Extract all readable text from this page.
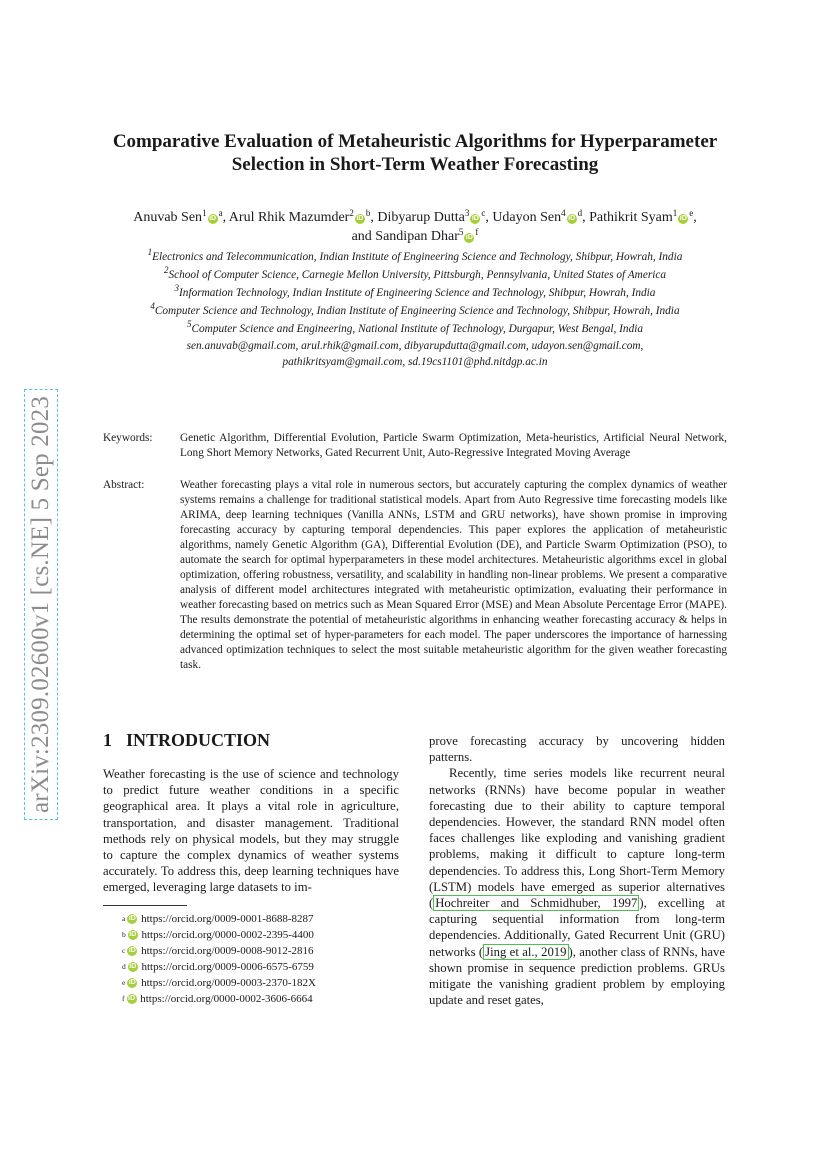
arXiv:2309.02600v1 [cs.NE] 5 Sep 2023
Comparative Evaluation of Metaheuristic Algorithms for Hyperparameter Selection in Short-Term Weather Forecasting
Anuvab $Sen^1iD^a$, Arul Rhik $Mazumder^2iD^b$, Dibyarup $Dutta^3iD^c$, Udayon $Sen^4iD^d$, Pathikrit $Syam^1iD^e$,
and Sandipan $Dhar^5iD^f$
$^1$Electronics and Telecommunication, Indian Institute of Engineering Science and Technology, Shibpur, Howrah, India
$^2$School of Computer Science, Carnegie Mellon University, Pittsburgh, Pennsylvania, United States of America
$^3$Information Technology, Indian Institute of Engineering Science and Technology, Shibpur, Howrah, India
$^4$Computer Science and Technology, Indian Institute of Engineering Science and Technology, Shibpur, Howrah, India
$^5$Computer Science and Engineering, National Institute of Technology, Durgapur, West Bengal, India
sen.anuvab@gmail.com, arul.rhik@gmail.com, dibyarupdutta@gmail.com, udayon.sen@gmail.com,
pathikritsyam@gmail.com, sd.19cs1101@phd.nitdgp.ac.in
Keywords: Genetic Algorithm, Differential Evolution, Particle Swarm Optimization, Meta-heuristics, Artificial Neural Network, Long Short Memory Networks, Gated Recurrent Unit, Auto-Regressive Integrated Moving Average
Abstract:	Weather forecasting plays a vital role in numerous sectors, but accurately capturing the complex dynamics of weather systems remains a challenge for traditional statistical models. Apart from Auto Regressive time forecasting models like ARIMA, deep learning techniques (Vanilla ANNs, LSTM and GRU networks), have shown promise in improving forecasting accuracy by capturing temporal dependencies. This paper explores the application of metaheuristic algorithms, namely Genetic Algorithm (GA), Differential Evolution (DE), and Particle Swarm Optimization (PSO), to automate the search for optimal hyperparameters in these model architectures. Metaheuristic algorithms excel in global optimization, offering robustness, versatility, and scalability in handling non-linear problems. We present a comparative analysis of different model architectures integrated with metaheuristic optimization, evaluating their performance in weather forecasting based on metrics such as Mean Squared Error (MSE) and Mean Absolute Percentage Error (MAPE). The results demonstrate the potential of metaheuristic algorithms in enhancing weather forecasting accuracy & helps in determining the optimal set of hyper-parameters for each model. The paper underscores the importance of harnessing advanced optimization techniques to select the most suitable metaheuristic algorithm for the given weather forecasting task.
1 INTRODUCTION

Weather forecasting is the use of science and technology to predict future weather conditions in a specific geographical area. It plays a vital role in agriculture, transportation, and disaster management. Traditional methods rely on physical models, but they may struggle to capture the complex dynamics of weather systems accurately. To address this, deep learning techniques have emerged, leveraging large datasets to im-

prove forecasting accuracy by uncovering hidden patterns.

Recently, time series models like recurrent neural networks (RNNs) have become popular in weather forecasting due to their ability to capture temporal dependencies. However, the standard RNN model often faces challenges like exploding and vanishing gradient problems, making it difficult to capture long-term dependencies. To address this, Long Short-Term Memory (LSTM) models have emerged as superior alternatives ( Hochreiter and Schmidhuber, 1997 ), excelling at capturing sequential information from long-term dependencies. Additionally, Gated Recurrent Unit (GRU) networks ( Jing et al., 2019 ), another class of RNNs, have shown promise in sequence prediction problems. GRUs mitigate the vanishing gradient problem by employing update and reset gates,

a iD
https://orcid.org/0009-0001-8688-8287
b iD
https://orcid.org/0000-0002-2395-4400
c iD
https://orcid.org/0009-0008-9012-2816
d iD
https://orcid.org/0009-0006-6575-6759
e iD
https://orcid.org/0009-0003-2370-182X
f iD
https://orcid.org/0000-0002-3606-6664
